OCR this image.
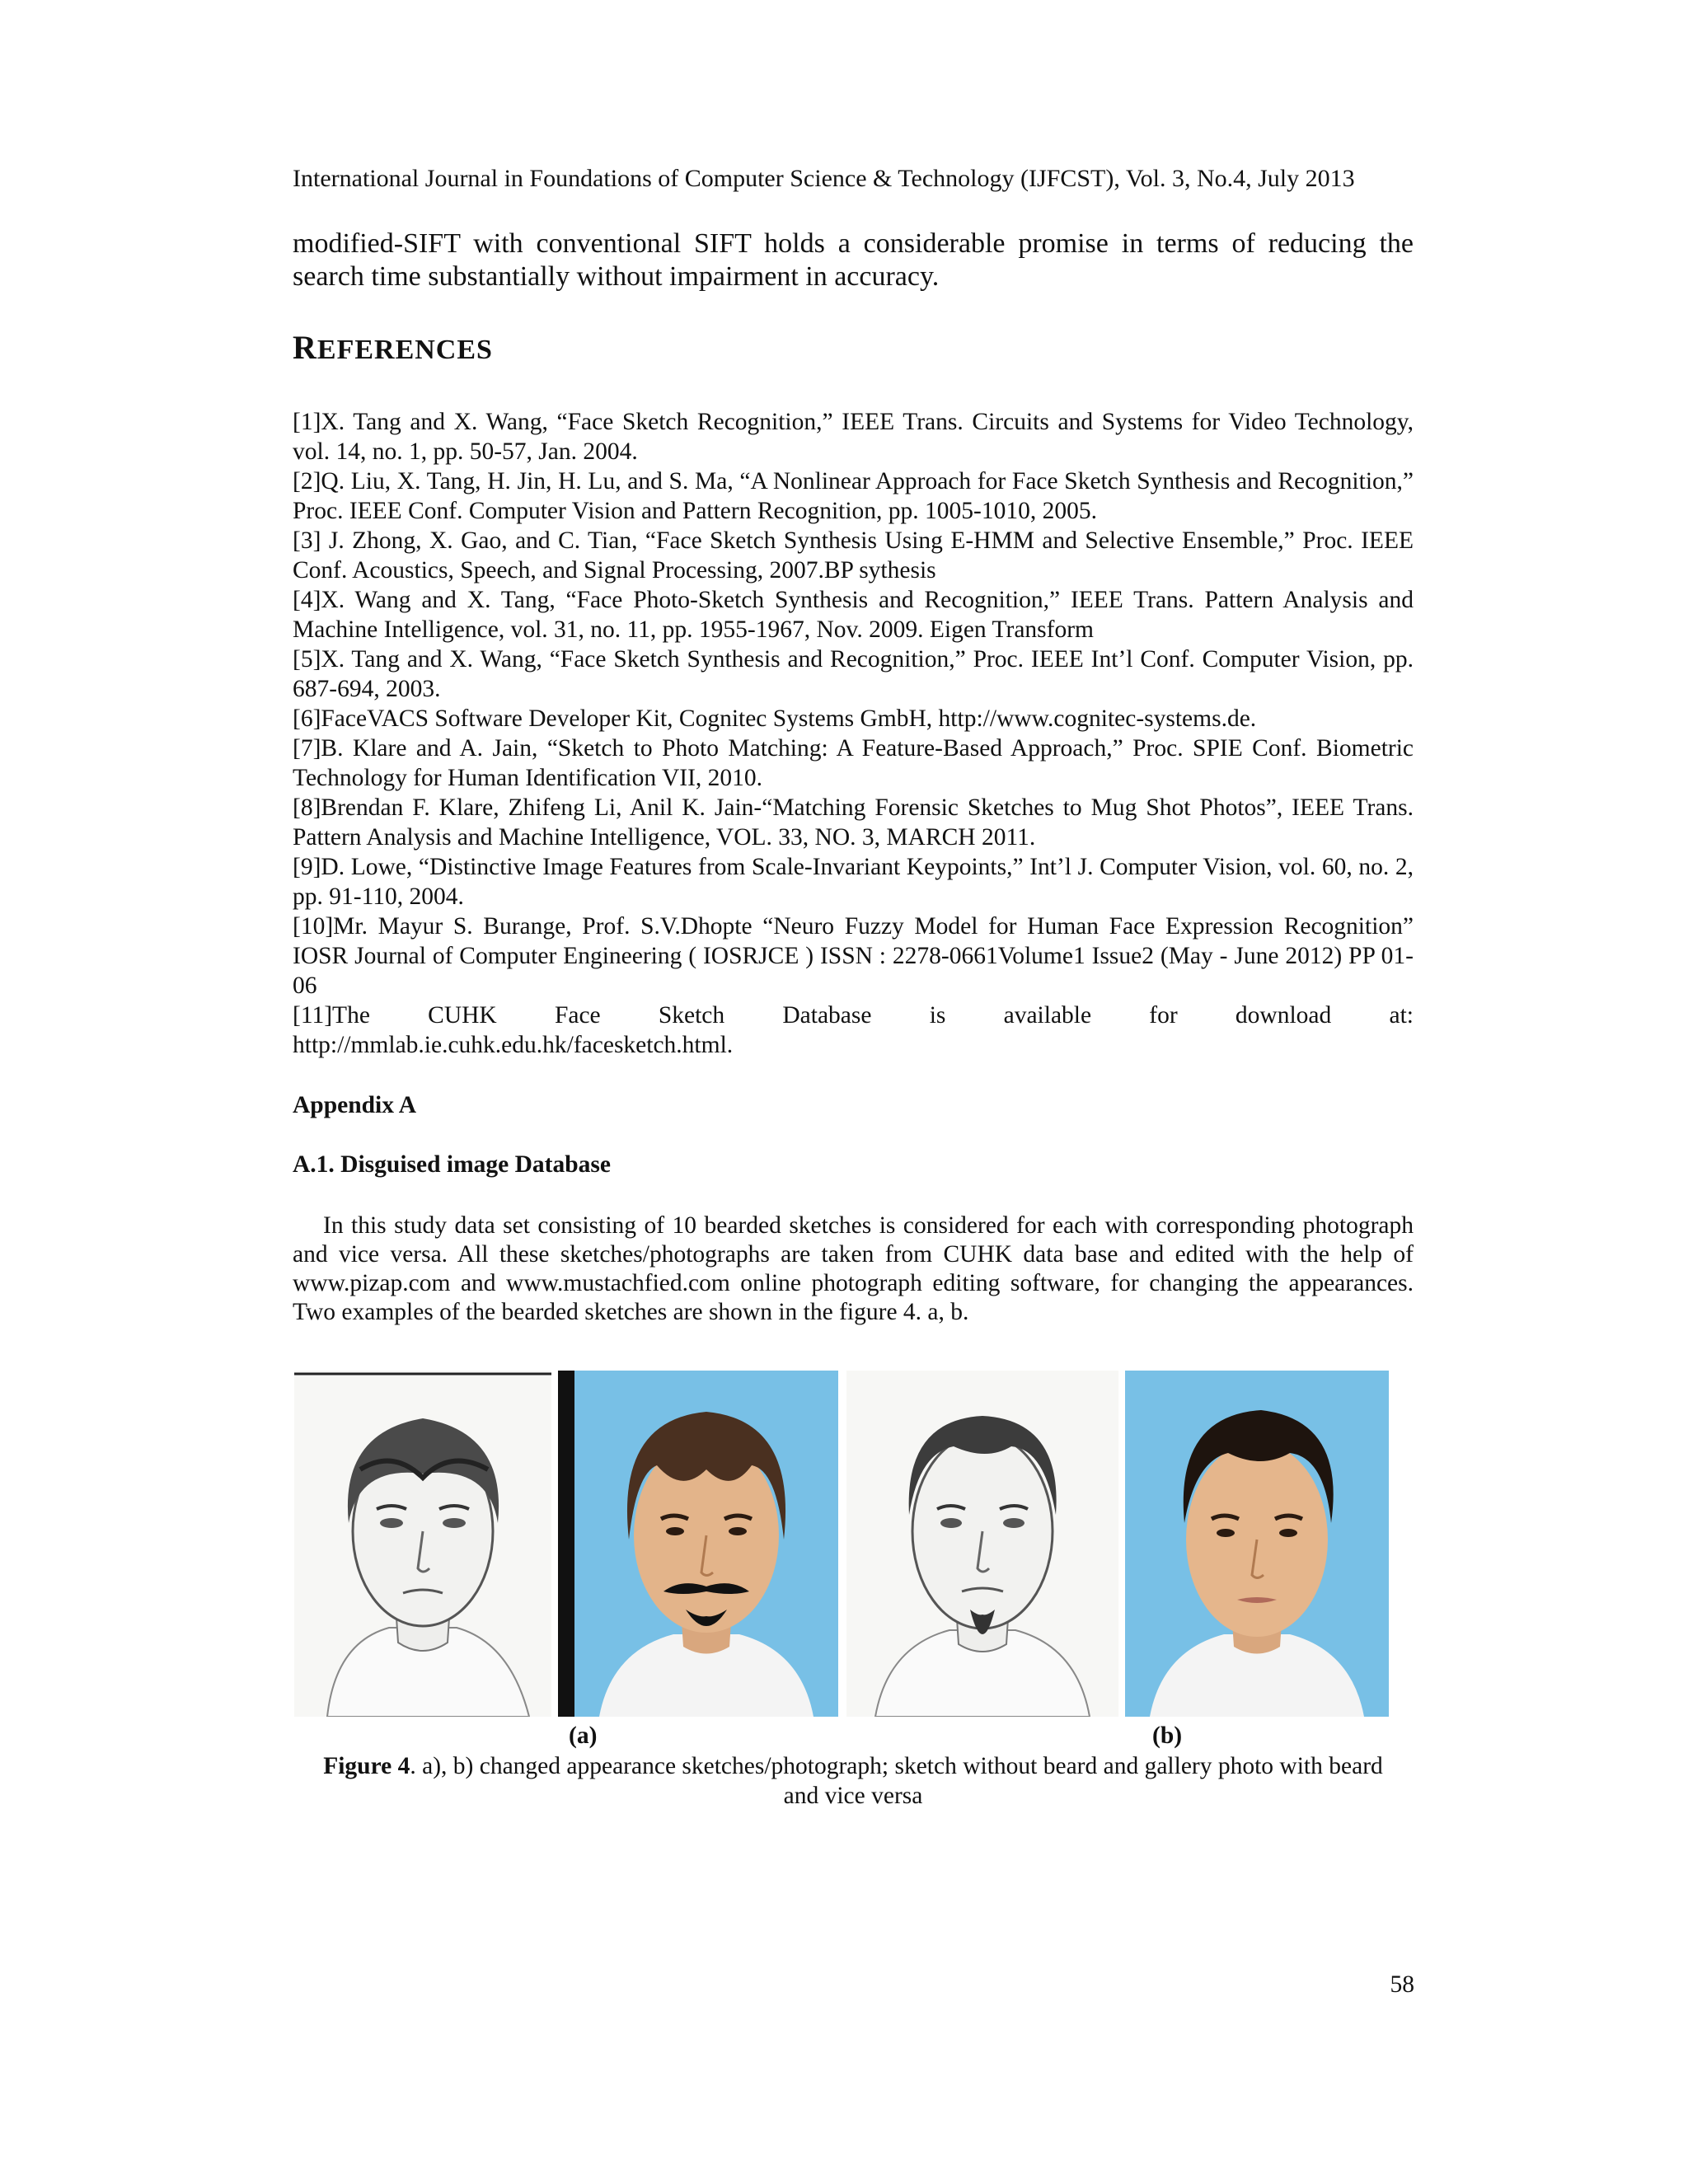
International Journal in Foundations of Computer Science & Technology (IJFCST), Vol. 3, No.4, July 2013
modified-SIFT with conventional SIFT holds a considerable promise in terms of reducing the search time substantially without impairment in accuracy.
REFERENCES

[1]X. Tang and X. Wang, “Face Sketch Recognition,” IEEE Trans. Circuits and Systems for Video Technology, vol. 14, no. 1, pp. 50-57, Jan. 2004.

[2]Q. Liu, X. Tang, H. Jin, H. Lu, and S. Ma, “A Nonlinear Approach for Face Sketch Synthesis and Recognition,” Proc. IEEE Conf. Computer Vision and Pattern Recognition, pp. 1005-1010, 2005.

[3] J. Zhong, X. Gao, and C. Tian, “Face Sketch Synthesis Using E-HMM and Selective Ensemble,” Proc. IEEE Conf. Acoustics, Speech, and Signal Processing, 2007.BP sythesis

[4]X. Wang and X. Tang, “Face Photo-Sketch Synthesis and Recognition,” IEEE Trans. Pattern Analysis and Machine Intelligence, vol. 31, no. 11, pp. 1955-1967, Nov. 2009. Eigen Transform

[5]X. Tang and X. Wang, “Face Sketch Synthesis and Recognition,” Proc. IEEE Int’l Conf. Computer Vision, pp. 687-694, 2003.

[6]FaceVACS Software Developer Kit, Cognitec Systems GmbH, http://www.cognitec-systems.de.

[7]B. Klare and A. Jain, “Sketch to Photo Matching: A Feature-Based Approach,” Proc. SPIE Conf. Biometric Technology for Human Identification VII, 2010.

[8]Brendan F. Klare, Zhifeng Li, Anil K. Jain-“Matching Forensic Sketches to Mug Shot Photos”, IEEE Trans. Pattern Analysis and Machine Intelligence, VOL. 33, NO. 3, MARCH 2011.

[9]D. Lowe, “Distinctive Image Features from Scale-Invariant Keypoints,” Int’l J. Computer Vision, vol. 60, no. 2, pp. 91-110, 2004.

[10]Mr. Mayur S. Burange, Prof. S.V.Dhopte “Neuro Fuzzy Model for Human Face Expression Recognition” IOSR Journal of Computer Engineering ( IOSRJCE ) ISSN : 2278-0661Volume1 Issue2 (May - June 2012) PP 01-06

[11]The CUHK Face Sketch Database is available for download at:
http://mmlab.ie.cuhk.edu.hk/facesketch.html.
Appendix A
A.1. Disguised image Database
In this study data set consisting of 10 bearded sketches is considered for each with corresponding photograph and vice versa. All these sketches/photographs are taken from CUHK data base and edited with the help of www.pizap.com and www.mustachfied.com online photograph editing software, for changing the appearances. Two examples of the bearded sketches are shown in the figure 4. a, b.
(a)	(b)
Figure 4. a), b) changed appearance sketches/photograph; sketch without beard and gallery photo with beard and vice versa
58
